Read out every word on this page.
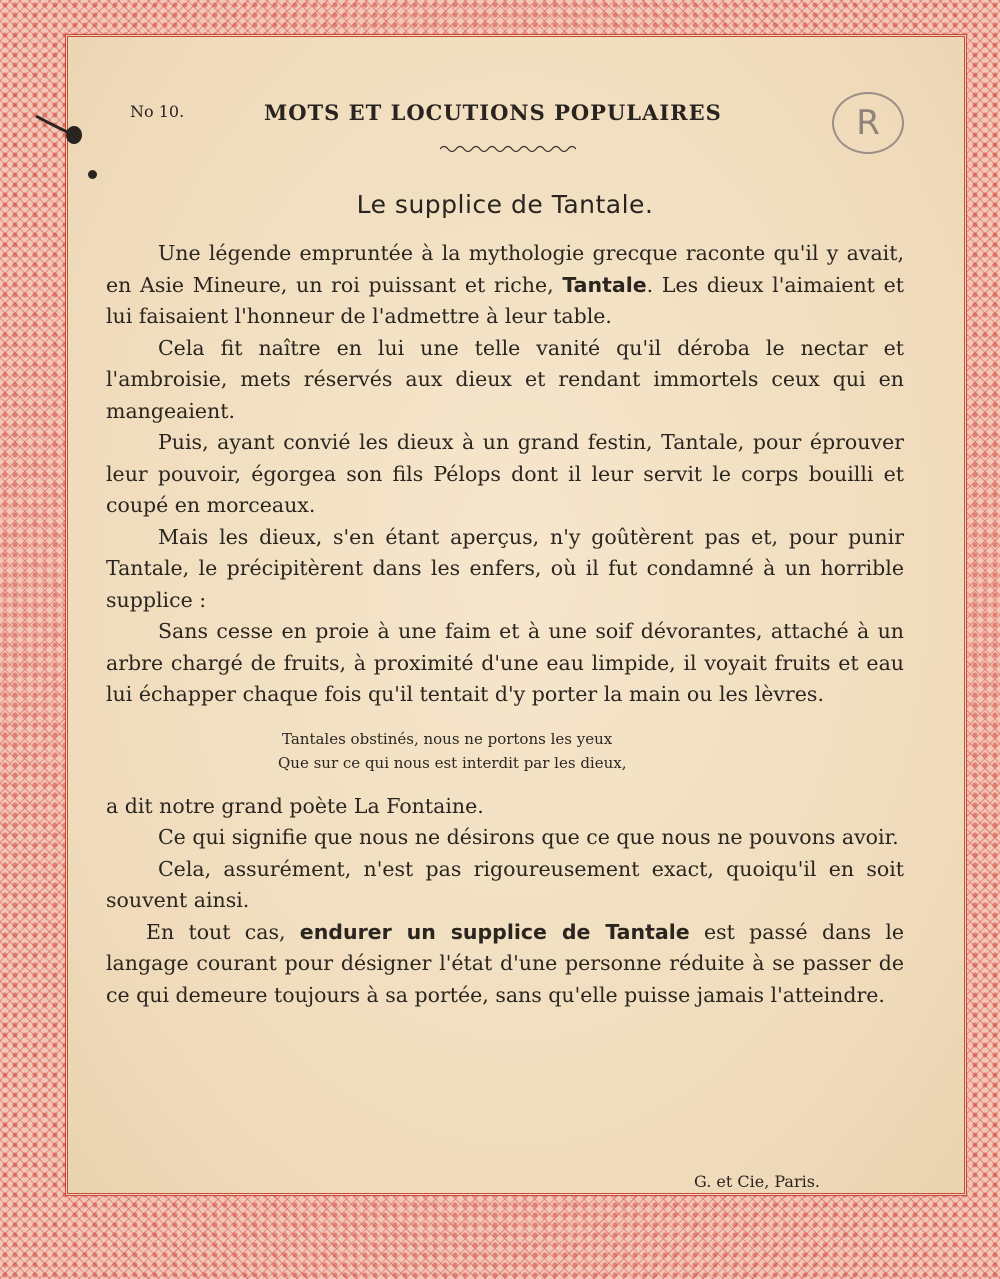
R
No 10.	MOTS ET LOCUTIONS POPULAIRES
Le supplice de Tantale.

Une légende empruntée à la mythologie grecque raconte qu'il y avait, en Asie Mineure, un roi puissant et riche, Tantale. Les dieux l'aimaient et lui faisaient l'honneur de l'admettre à leur table.

Cela fit naître en lui une telle vanité qu'il déroba le nectar et l'ambroisie, mets réservés aux dieux et rendant immortels ceux qui en mangeaient.

Puis, ayant convié les dieux à un grand festin, Tantale, pour éprouver leur pouvoir, égorgea son fils Pélops dont il leur servit le corps bouilli et coupé en morceaux.

Mais les dieux, s'en étant aperçus, n'y goûtèrent pas et, pour punir Tantale, le précipitèrent dans les enfers, où il fut condamné à un horrible supplice :

Sans cesse en proie à une faim et à une soif dévorantes, attaché à un arbre chargé de fruits, à proximité d'une eau limpide, il voyait fruits et eau lui échapper chaque fois qu'il tentait d'y porter la main ou les lèvres.

Tantales obstinés, nous ne portons les yeux
Que sur ce qui nous est interdit par les dieux,

a dit notre grand poète La Fontaine.

Ce qui signifie que nous ne désirons que ce que nous ne pouvons avoir.

Cela, assurément, n'est pas rigoureusement exact, quoiqu'il en soit souvent ainsi.

En tout cas, endurer un supplice de Tantale est passé dans le langage courant pour désigner l'état d'une personne réduite à se passer de ce qui demeure toujours à sa portée, sans qu'elle puisse jamais l'atteindre.

G. et Cie, Paris.
